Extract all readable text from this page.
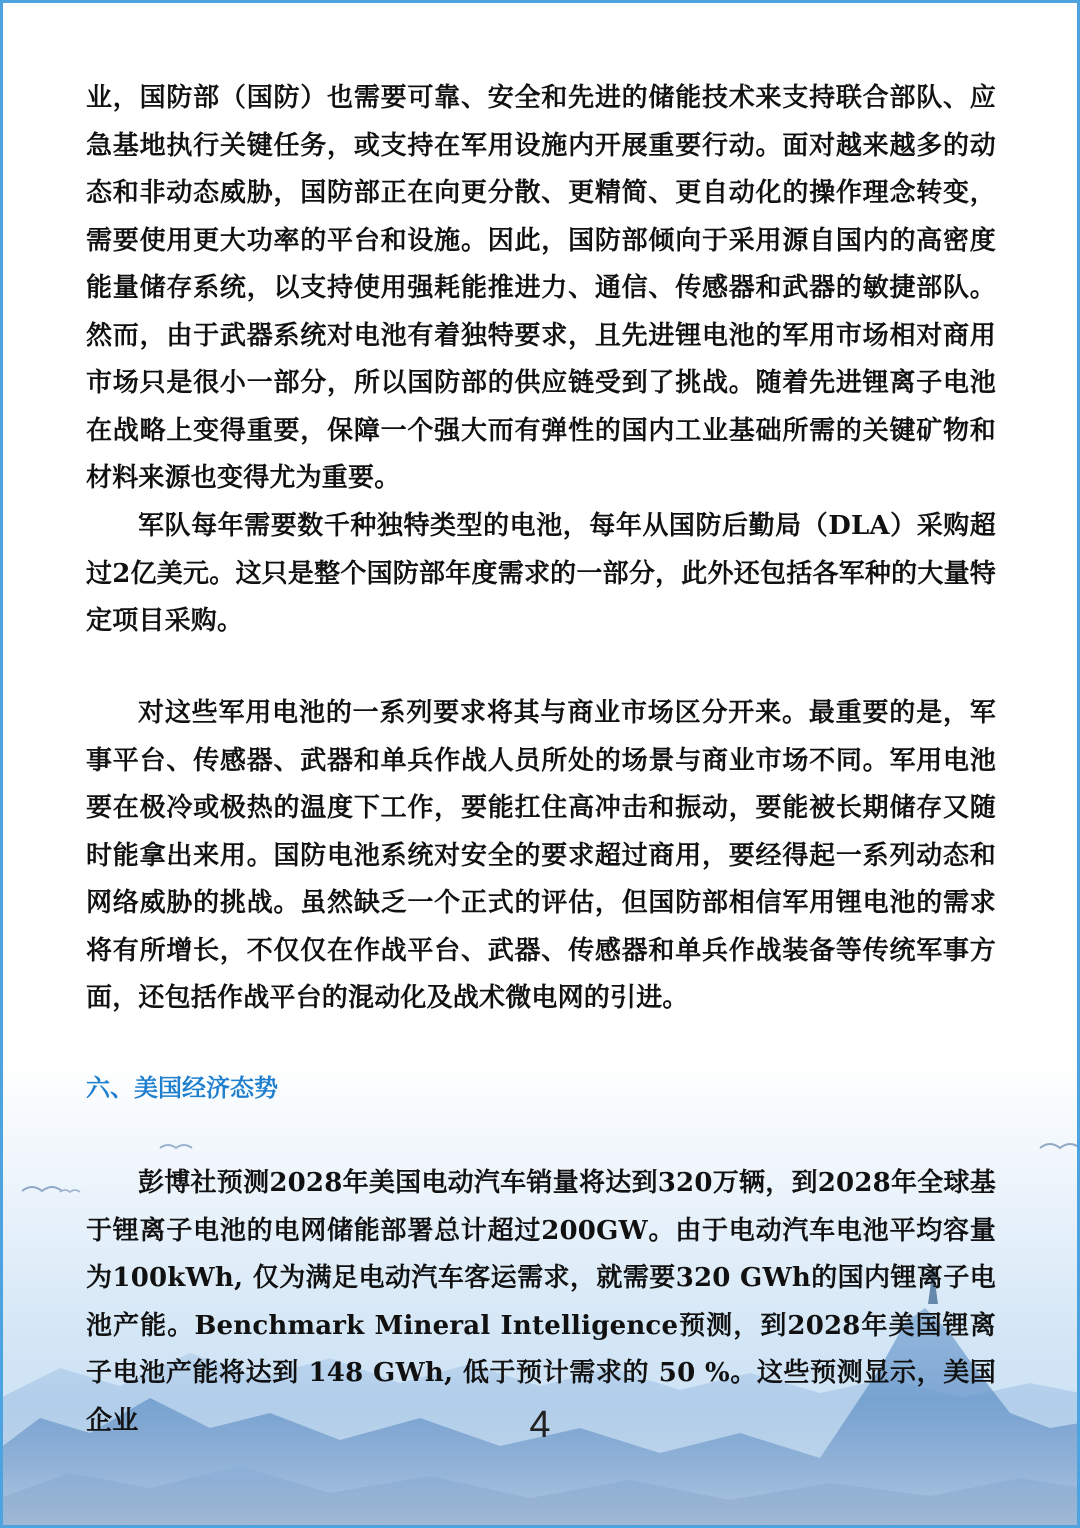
业，国防部（国防）也需要可靠、安全和先进的储能技术来支持联合部队、应急基地执行关键任务，或支持在军用设施内开展重要行动。面对越来越多的动态和非动态威胁，国防部正在向更分散、更精简、更自动化的操作理念转变，需要使用更大功率的平台和设施。因此，国防部倾向于采用源自国内的高密度能量储存系统，以支持使用强耗能推进力、通信、传感器和武器的敏捷部队。然而，由于武器系统对电池有着独特要求，且先进锂电池的军用市场相对商用市场只是很小一部分，所以国防部的供应链受到了挑战。随着先进锂离子电池在战略上变得重要，保障一个强大而有弹性的国内工业基础所需的关键矿物和材料来源也变得尤为重要。

军队每年需要数千种独特类型的电池，每年从国防后勤局（DLA）采购超过2亿美元。这只是整个国防部年度需求的一部分，此外还包括各军种的大量特定项目采购。

对这些军用电池的一系列要求将其与商业市场区分开来。最重要的是，军事平台、传感器、武器和单兵作战人员所处的场景与商业市场不同。军用电池要在极冷或极热的温度下工作，要能扛住高冲击和振动，要能被长期储存又随时能拿出来用。国防电池系统对安全的要求超过商用，要经得起一系列动态和网络威胁的挑战。虽然缺乏一个正式的评估，但国防部相信军用锂电池的需求将有所增长，不仅仅在作战平台、武器、传感器和单兵作战装备等传统军事方面，还包括作战平台的混动化及战术微电网的引进。

六、美国经济态势

彭博社预测2028年美国电动汽车销量将达到320万辆，到2028年全球基于锂离子电池的电网储能部署总计超过200GW。由于电动汽车电池平均容量为100kWh, 仅为满足电动汽车客运需求，就需要320 GWh的国内锂离子电池产能。Benchmark Mineral Intelligence预测，到2028年美国锂离子电池产能将达到 148 GWh, 低于预计需求的 50 %。这些预测显示，美国企业	4
